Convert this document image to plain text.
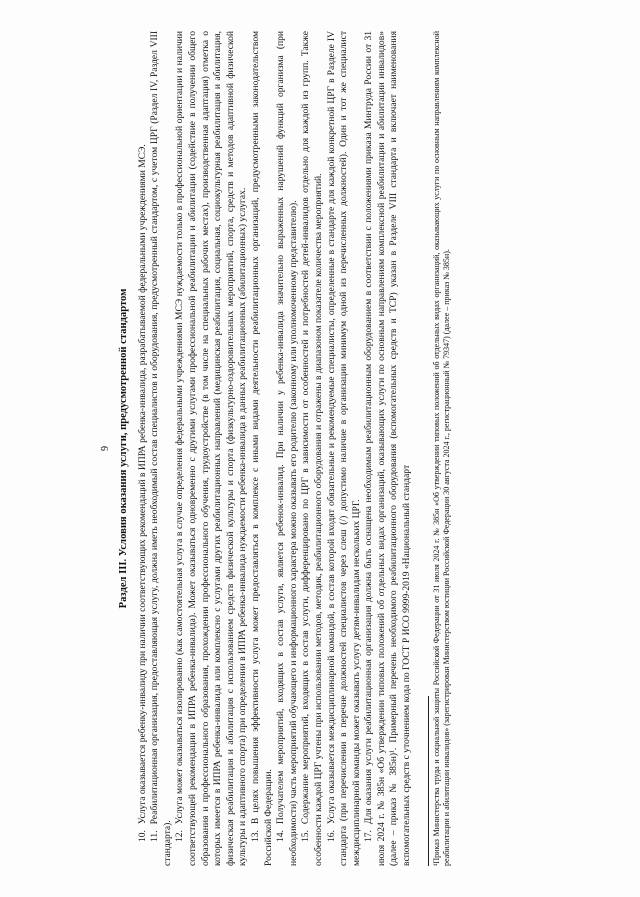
9 Раздел III. Условия оказания услуги, предусмотренной стандартом

10.Услуга оказывается ребенку-инвалиду при наличии соответствующих рекомендаций в ИПРА ребенка-инвалида, разрабатываемой федеральными учреждениями МСЭ.

11.Реабилитационная организация, предоставляющая услугу, должна иметь необходимый состав специалистов и оборудования, предусмотренный стандартом, с учетом ЦРГ (Раздел IV, Раздел VIII стандарта). 12.Услуга может оказываться изолированно (как самостоятельная услуга в случае определения федеральными учреждениями МСЭ нуждаемости только в профессиональной ориентации и наличии соответствующей рекомендации в ИПРА ребенка-инвалида). Может оказываться одновременно с другими услугами профессиональной реабилитации и абилитации (содействие в получении общего образования и профессионального образования, прохождении профессионального обучения, трудоустройстве (в том числе на специальных рабочих местах), производственная адаптация) отметка о которых имеется в ИПРА ребенка-инвалида или комплексно с услугами других реабилитационных направлений (медицинская реабилитация, социальная, социокультурная реабилитация и абилитация, физическая реабилитация и абилитация с использованием средств физической культуры и спорта (физкультурно-оздоровительных мероприятий, спорта, средств и методов адаптивной физической культуры и адаптивного спорта) при определении в ИПРА ребенка-инвалида нуждаемости ребенка-инвалида в данных реабилитационных (абилитационных) услугах. 13.В целях повышения эффективности услуга может предоставляться в комплексе с иными видами деятельности реабилитационных организаций, предусмотренными законодательством Российской Федерации. 14.Получателем мероприятий, входящих в состав услуги, является ребенок-инвалид. При наличии у ребенка-инвалида значительно выраженных нарушений функций организма (при необходимости) часть мероприятий обучающего и информационного характера можно оказывать его родителю (законному или уполномоченному представителю). 15.Содержание мероприятий, входящих в состав услуги, дифференцировано по ЦРГ в зависимости от особенностей и потребностей детей-инвалидов отдельно для каждой из групп. Также особенности каждой ЦРГ учтены при использовании методов, методик, реабилитационного оборудования и отражены в диапазоном показателе количества мероприятий. 16.Услуга оказывается междисциплинарной командой, в состав которой входят обязательные и рекомендуемые специалисты, определенные в стандарте для каждой конкретной ЦРГ в Разделе IV стандарта (при перечислении в перечне должностей специалистов через слеш (/) допустимо наличие в организации минимум одной из перечисленных должностей). Один и тот же специалист междисциплинарной команды может оказывать услугу детям-инвалидам нескольких ЦРГ. 17.Для оказания услуги реабилитационная организация должна быть оснащена необходимым реабилитационным оборудованием в соответствии с положениями приказа Минтруда России от 31 июля 2024 г. № 385н «Об утверждении типовых положений об отдельных видах организаций, оказывающих услуги по основным направлениям комплексной реабилитации и абилитации инвалидов» (далее – приказ № 385н)¹. Примерный перечень необходимого реабилитационного оборудования (вспомогательных средств и ТСР) указан в Разделе VIII стандарта и включает наименования вспомогательных средств с уточнением кода по ГОСТ Р ИСО 9999-2019 «Национальный стандарт ¹Приказ Министерства труда и социальной защиты Российской Федерации от 31 июля 2024 г. № 385н «Об утверждении типовых положений об отдельных видах организаций, оказывающих услуги по основным направлениям комплексной реабилитации и абилитации инвалидов» (зарегистрирован Министерством юстиции Российской Федерации 30 августа 2024 г., регистрационный № 79347) (далее – приказ № 385н).
